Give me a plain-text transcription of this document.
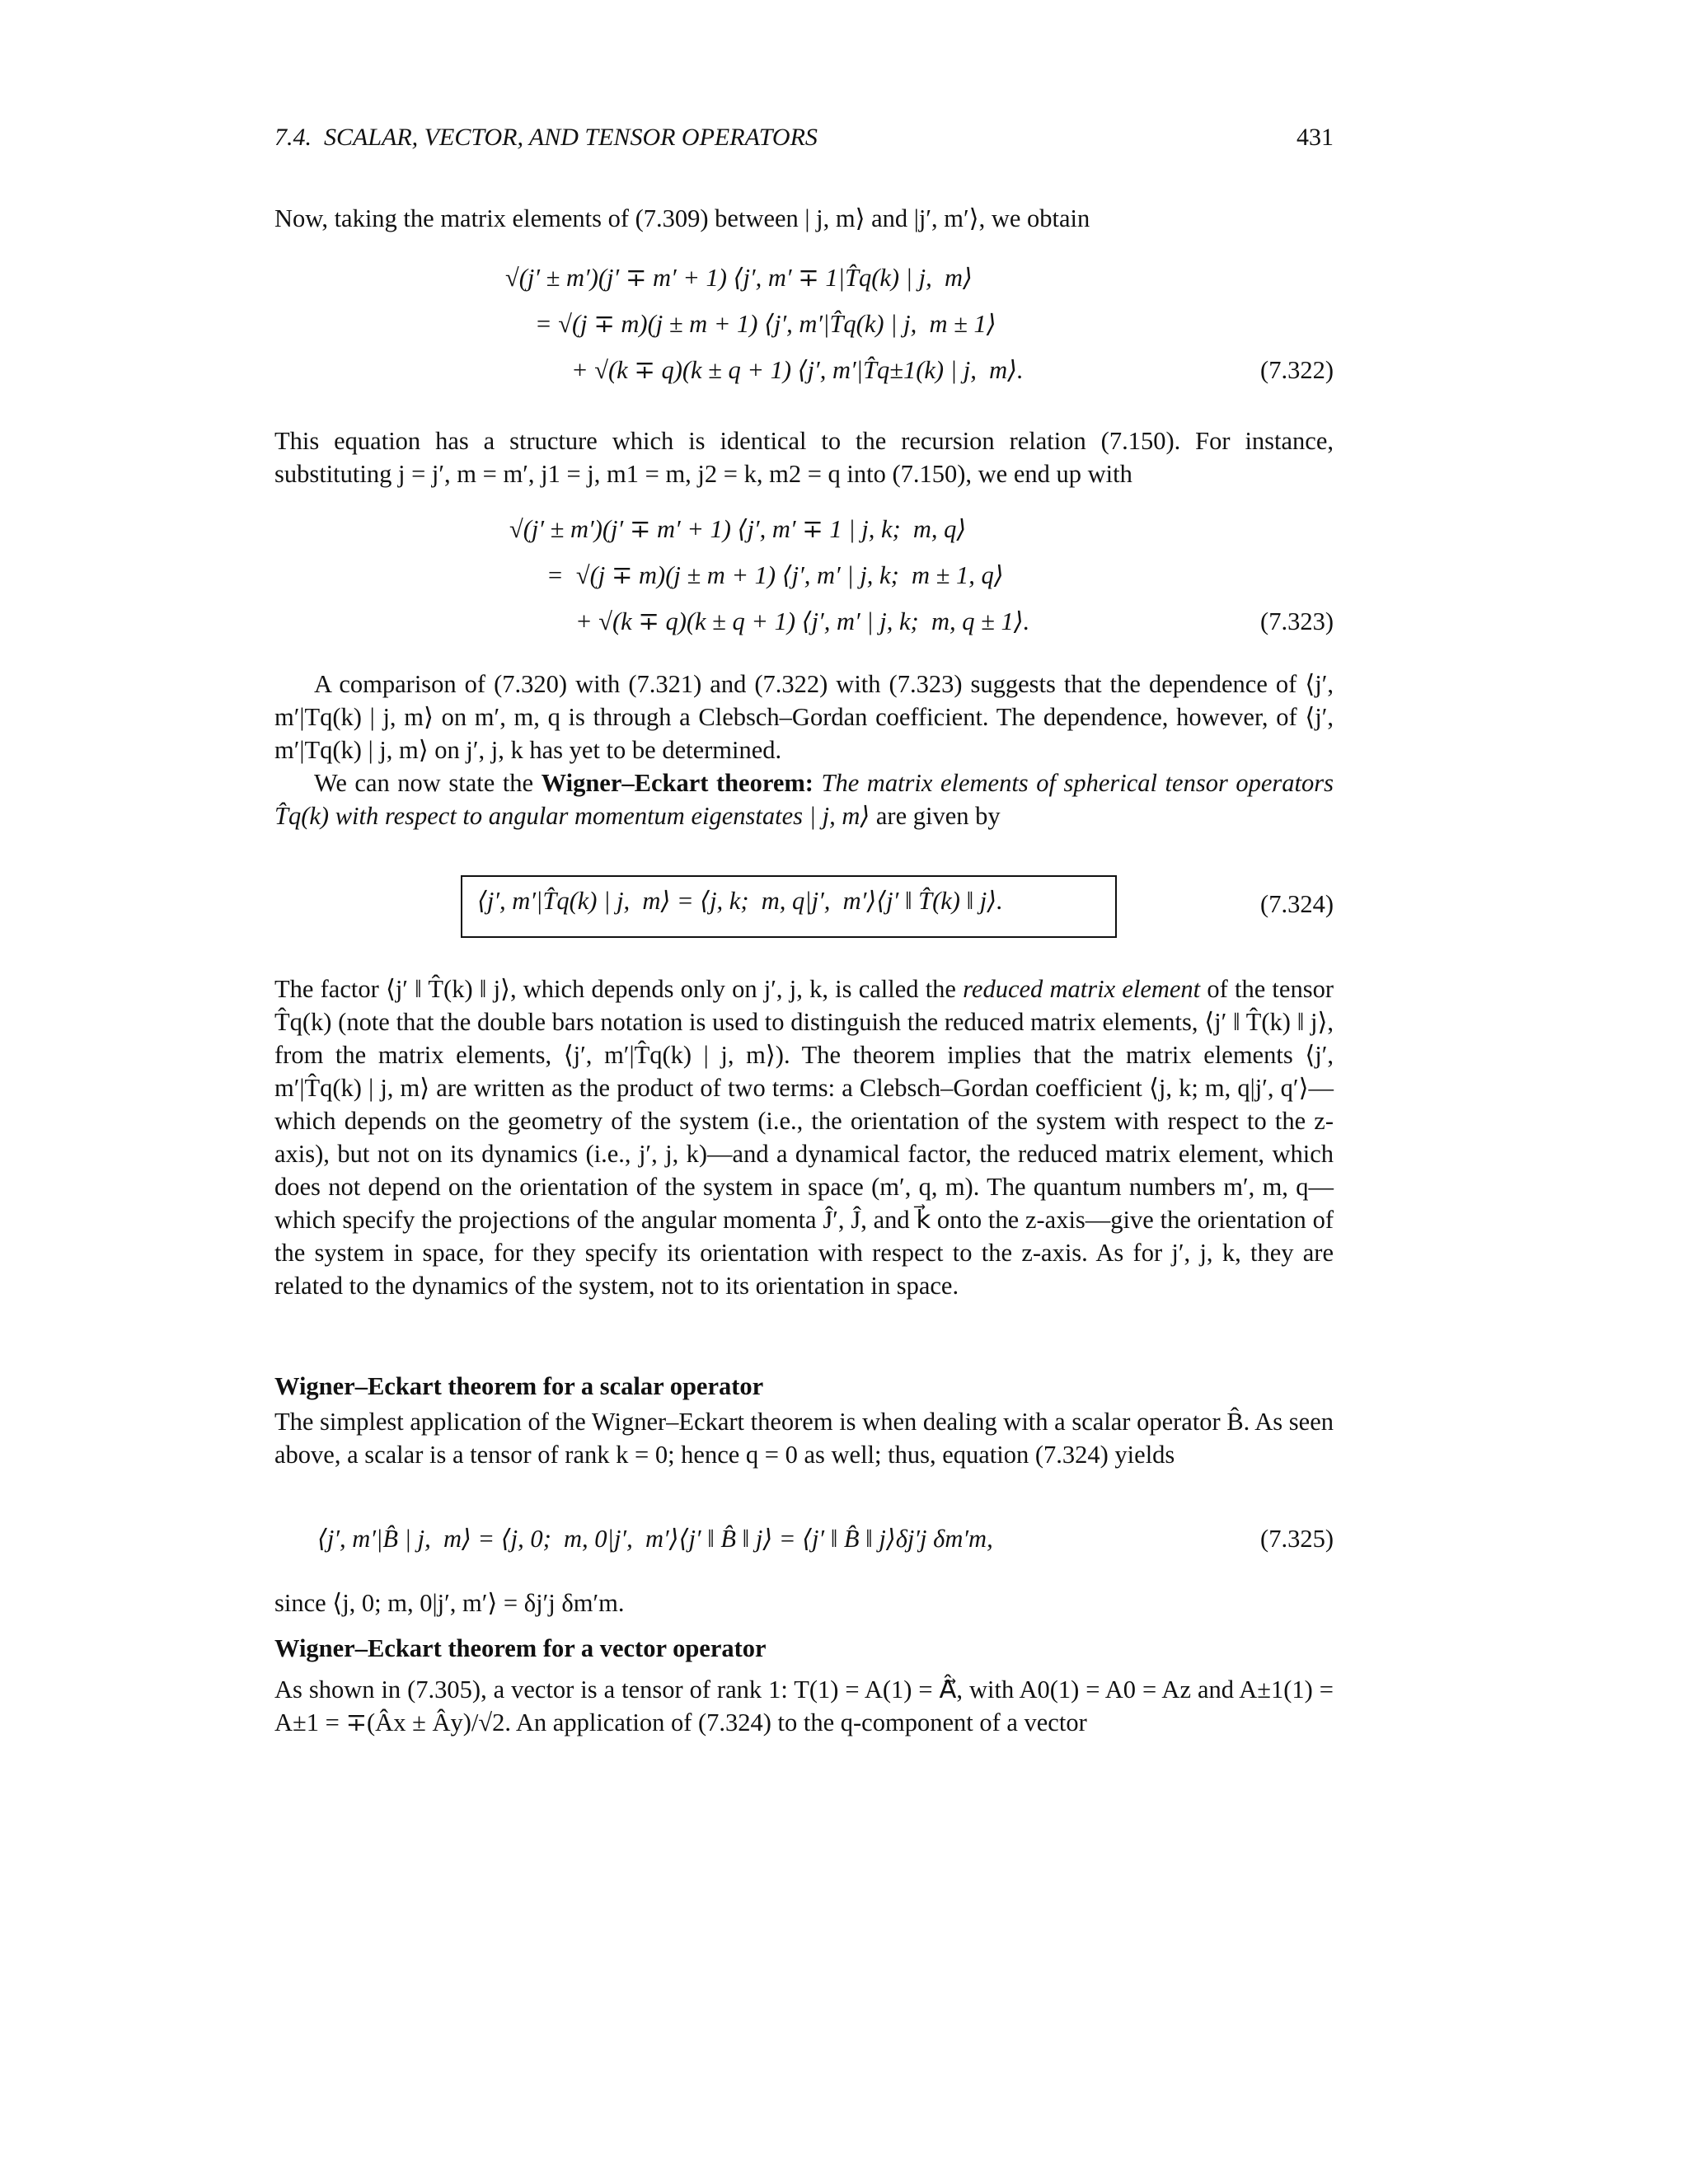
7.4.  SCALAR, VECTOR, AND TENSOR OPERATORS	431

Now, taking the matrix elements of (7.309) between | j, m⟩ and |j′, m′⟩, we obtain

√(j′ ± m′)(j′ ∓ m′ + 1) ⟨j′, m′ ∓ 1|T̂q(k) | j,  m⟩
= √(j ∓ m)(j ± m + 1) ⟨j′, m′|T̂q(k) | j,  m ± 1⟩
+ √(k ∓ q)(k ± q + 1) ⟨j′, m′|T̂q±1(k) | j,  m⟩.	(7.322)

This equation has a structure which is identical to the recursion relation (7.150). For instance, substituting j = j′, m = m′, j1 = j, m1 = m, j2 = k, m2 = q into (7.150), we end up with

√(j′ ± m′)(j′ ∓ m′ + 1) ⟨j′, m′ ∓ 1 | j, k;  m, q⟩
=  √(j ∓ m)(j ± m + 1) ⟨j′, m′ | j, k;  m ± 1, q⟩
+ √(k ∓ q)(k ± q + 1) ⟨j′, m′ | j, k;  m, q ± 1⟩.	(7.323)

A comparison of (7.320) with (7.321) and (7.322) with (7.323) suggests that the dependence of ⟨j′, m′|Tq(k) | j, m⟩ on m′, m, q is through a Clebsch–Gordan coefficient. The dependence, however, of ⟨j′, m′|Tq(k) | j, m⟩ on j′, j, k has yet to be determined.

We can now state the Wigner–Eckart theorem: The matrix elements of spherical tensor operators T̂q(k) with respect to angular momentum eigenstates | j, m⟩ are given by

⟨j′, m′|T̂q(k) | j,  m⟩ = ⟨j, k;  m, q|j′,  m′⟩⟨j′ ‖ T̂(k) ‖ j⟩.	(7.324)

The factor ⟨j′ ‖ T̂(k) ‖ j⟩, which depends only on j′, j, k, is called the reduced matrix element of the tensor T̂q(k) (note that the double bars notation is used to distinguish the reduced matrix elements, ⟨j′ ‖ T̂(k) ‖ j⟩, from the matrix elements, ⟨j′, m′|T̂q(k) | j, m⟩). The theorem implies that the matrix elements ⟨j′, m′|T̂q(k) | j, m⟩ are written as the product of two terms: a Clebsch–Gordan coefficient ⟨j, k; m, q|j′, q′⟩—which depends on the geometry of the system (i.e., the orientation of the system with respect to the z-axis), but not on its dynamics (i.e., j′, j, k)—and a dynamical factor, the reduced matrix element, which does not depend on the orientation of the system in space (m′, q, m). The quantum numbers m′, m, q—which specify the projections of the angular momenta Ĵ′, Ĵ, and k⃗ onto the z-axis—give the orientation of the system in space, for they specify its orientation with respect to the z-axis. As for j′, j, k, they are related to the dynamics of the system, not to its orientation in space.

Wigner–Eckart theorem for a scalar operator

The simplest application of the Wigner–Eckart theorem is when dealing with a scalar operator B̂. As seen above, a scalar is a tensor of rank k = 0; hence q = 0 as well; thus, equation (7.324) yields

⟨j′, m′|B̂ | j,  m⟩ = ⟨j, 0;  m, 0|j′,  m′⟩⟨j′ ‖ B̂ ‖ j⟩ = ⟨j′ ‖ B̂ ‖ j⟩δj′j δm′m,	(7.325)

since ⟨j, 0; m, 0|j′, m′⟩ = δj′j δm′m.

Wigner–Eckart theorem for a vector operator

As shown in (7.305), a vector is a tensor of rank 1: T(1) = A(1) = Â⃗, with A0(1) = A0 = Az and A±1(1) = A±1 = ∓(Âx ± Ây)/√2. An application of (7.324) to the q-component of a vector
